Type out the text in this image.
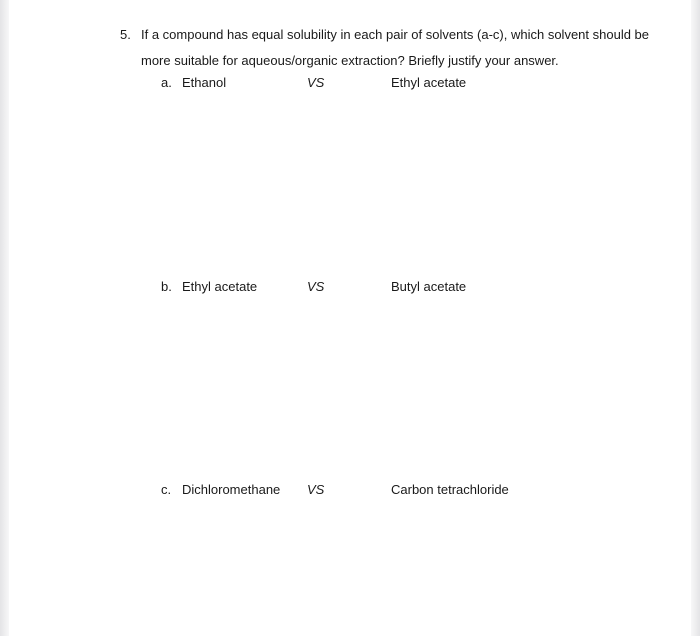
5. If a compound has equal solubility in each pair of solvents (a-c), which solvent should be more suitable for aqueous/organic extraction? Briefly justify your answer.
a. Ethanol	VS	Ethyl acetate
b. Ethyl acetate	VS	Butyl acetate
c. Dichloromethane VS	Carbon tetrachloride
